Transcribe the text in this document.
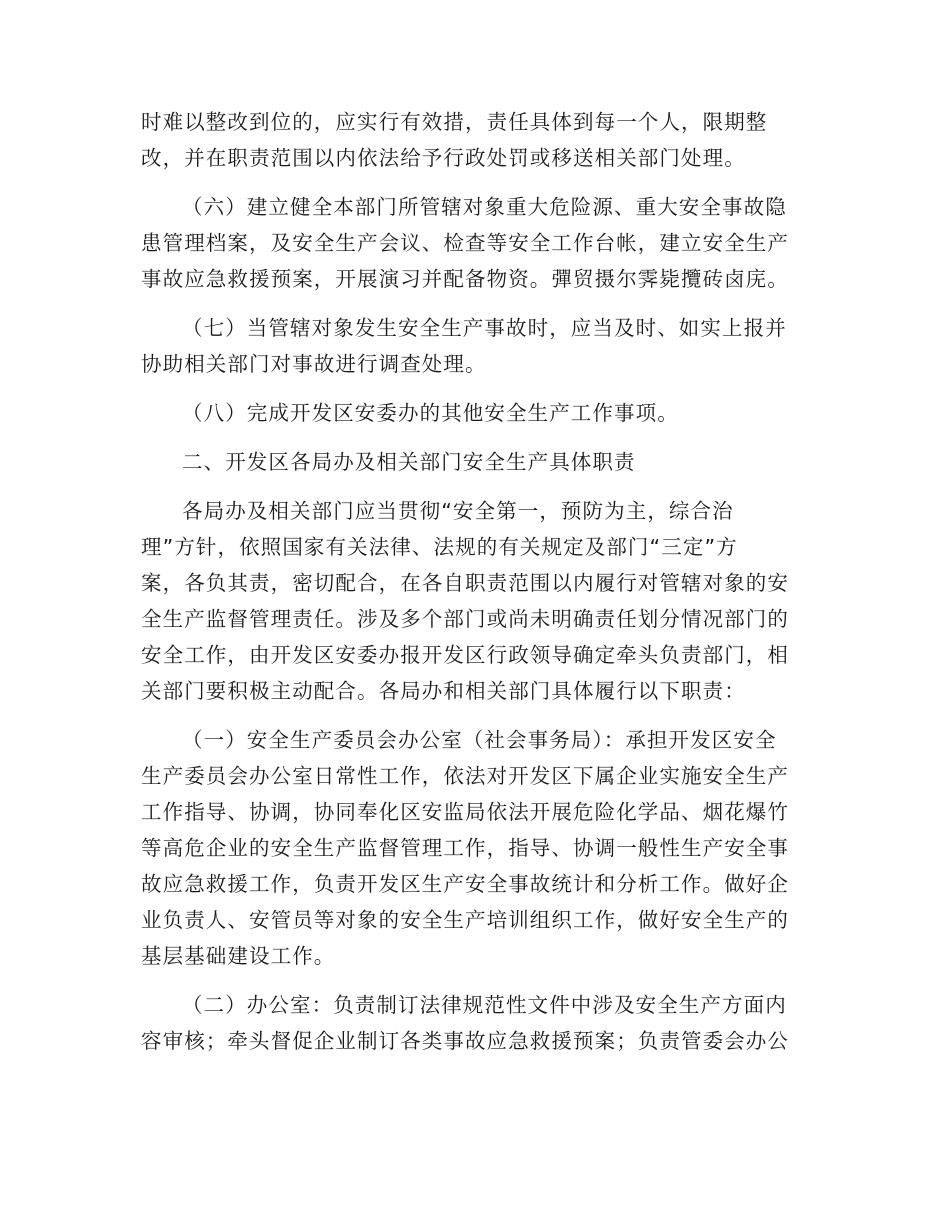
时难以整改到位的，应实行有效措，责任具体到每一个人，限期整
改，并在职责范围以内依法给予行政处罚或移送相关部门处理。
（六）建立健全本部门所管辖对象重大危险源、重大安全事故隐
患管理档案，及安全生产会议、检查等安全工作台帐，建立安全生产
事故应急救援预案，开展演习并配备物资。彈贸摄尔霁毙攬砖卤庑。
（七）当管辖对象发生安全生产事故时，应当及时、如实上报并
协助相关部门对事故进行调查处理。
（八）完成开发区安委办的其他安全生产工作事项。
二、开发区各局办及相关部门安全生产具体职责
各局办及相关部门应当贯彻“安全第一，预防为主，综合治
理”方针，依照国家有关法律、法规的有关规定及部门“三定”方
案，各负其责，密切配合，在各自职责范围以内履行对管辖对象的安
全生产监督管理责任。涉及多个部门或尚未明确责任划分情况部门的
安全工作，由开发区安委办报开发区行政领导确定牵头负责部门，相
关部门要积极主动配合。各局办和相关部门具体履行以下职责：
（一）安全生产委员会办公室（社会事务局）：承担开发区安全
生产委员会办公室日常性工作，依法对开发区下属企业实施安全生产
工作指导、协调，协同奉化区安监局依法开展危险化学品、烟花爆竹
等高危企业的安全生产监督管理工作，指导、协调一般性生产安全事
故应急救援工作，负责开发区生产安全事故统计和分析工作。做好企
业负责人、安管员等对象的安全生产培训组织工作，做好安全生产的
基层基础建设工作。
（二）办公室：负责制订法律规范性文件中涉及安全生产方面内
容审核；牵头督促企业制订各类事故应急救援预案；负责管委会办公
